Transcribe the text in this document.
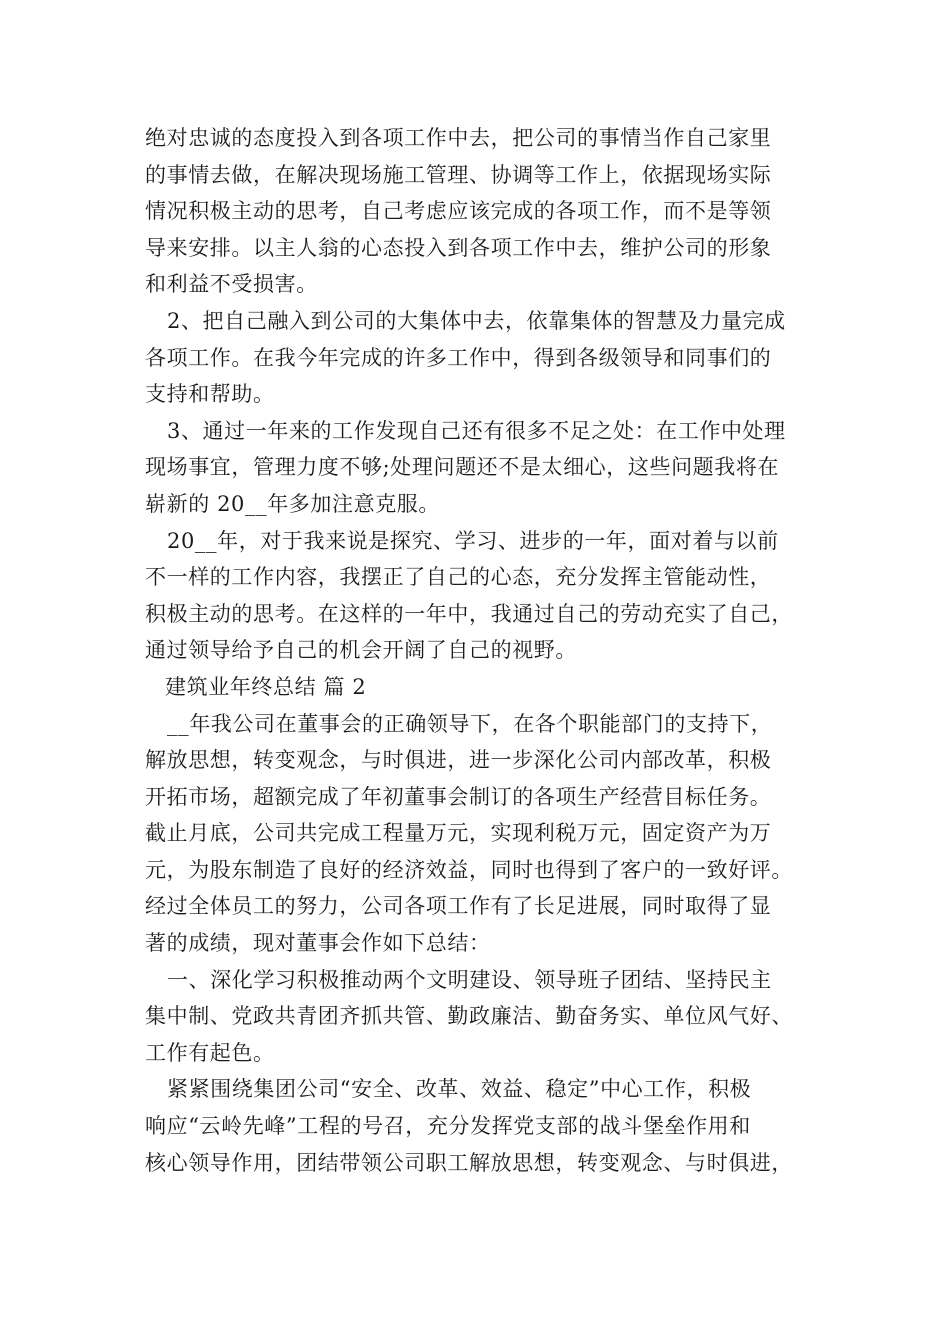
绝对忠诚的态度投入到各项工作中去，把公司的事情当作自己家里
的事情去做，在解决现场施工管理、协调等工作上，依据现场实际
情况积极主动的思考，自己考虑应该完成的各项工作，而不是等领
导来安排。以主人翁的心态投入到各项工作中去，维护公司的形象
和利益不受损害。
2、把自己融入到公司的大集体中去，依靠集体的智慧及力量完成
各项工作。在我今年完成的许多工作中，得到各级领导和同事们的
支持和帮助。
3、通过一年来的工作发现自己还有很多不足之处：在工作中处理
现场事宜，管理力度不够;处理问题还不是太细心，这些问题我将在
崭新的 20__年多加注意克服。
20__年，对于我来说是探究、学习、进步的一年，面对着与以前
不一样的工作内容，我摆正了自己的心态，充分发挥主管能动性，
积极主动的思考。在这样的一年中，我通过自己的劳动充实了自己，
通过领导给予自己的机会开阔了自己的视野。
建筑业年终总结 篇 2
__年我公司在董事会的正确领导下，在各个职能部门的支持下，
解放思想，转变观念，与时俱进，进一步深化公司内部改革，积极
开拓市场，超额完成了年初董事会制订的各项生产经营目标任务。
截止月底，公司共完成工程量万元，实现利税万元，固定资产为万
元，为股东制造了良好的经济效益，同时也得到了客户的一致好评。
经过全体员工的努力，公司各项工作有了长足进展，同时取得了显
著的成绩，现对董事会作如下总结：
一、深化学习积极推动两个文明建设、领导班子团结、坚持民主
集中制、党政共青团齐抓共管、勤政廉洁、勤奋务实、单位风气好、
工作有起色。
紧紧围绕集团公司“安全、改革、效益、稳定”中心工作，积极
响应“云岭先峰”工程的号召，充分发挥党支部的战斗堡垒作用和
核心领导作用，团结带领公司职工解放思想，转变观念、与时俱进，
